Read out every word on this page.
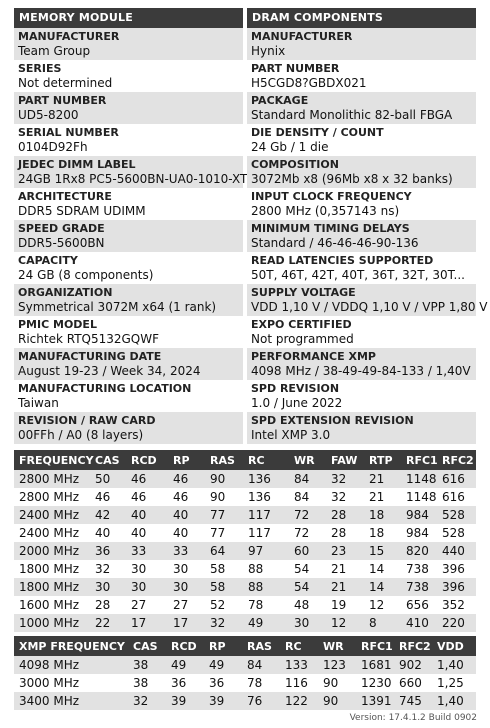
MEMORY MODULE
MANUFACTURER
Team Group
SERIES
Not determined
PART NUMBER
UD5-8200
SERIAL NUMBER
0104D92Fh
JEDEC DIMM LABEL
24GB 1Rx8 PC5-5600BN-UA0-1010-XT
ARCHITECTURE
DDR5 SDRAM UDIMM
SPEED GRADE
DDR5-5600BN
CAPACITY
24 GB (8 components)
ORGANIZATION
Symmetrical 3072M x64 (1 rank)
PMIC MODEL
Richtek RTQ5132GQWF
MANUFACTURING DATE
August 19-23 / Week 34, 2024
MANUFACTURING LOCATION
Taiwan
REVISION / RAW CARD
00FFh / A0 (8 layers)
DRAM COMPONENTS
MANUFACTURER
Hynix
PART NUMBER
H5CGD8?GBDX021
PACKAGE
Standard Monolithic 82-ball FBGA
DIE DENSITY / COUNT
24 Gb / 1 die
COMPOSITION
3072Mb x8 (96Mb x8 x 32 banks)
INPUT CLOCK FREQUENCY
2800 MHz (0,357143 ns)
MINIMUM TIMING DELAYS
Standard / 46-46-46-90-136
READ LATENCIES SUPPORTED
50T, 46T, 42T, 40T, 36T, 32T, 30T...
SUPPLY VOLTAGE
VDD 1,10 V / VDDQ 1,10 V / VPP 1,80 V
EXPO CERTIFIED
Not programmed
PERFORMANCE XMP
4098 MHz / 38-49-49-84-133 / 1,40V
SPD REVISION
1.0 / June 2022
SPD EXTENSION REVISION
Intel XMP 3.0
FREQUENCY	CAS	RCD	RP	RAS	RC	WR	FAW	RTP	RFC1	RFC2
2800 MHz	50	46	46	90	136	84	32	21	1148	616
2800 MHz	46	46	46	90	136	84	32	21	1148	616
2400 MHz	42	40	40	77	117	72	28	18	984	528
2400 MHz	40	40	40	77	117	72	28	18	984	528
2000 MHz	36	33	33	64	97	60	23	15	820	440
1800 MHz	32	30	30	58	88	54	21	14	738	396
1800 MHz	30	30	30	58	88	54	21	14	738	396
1600 MHz	28	27	27	52	78	48	19	12	656	352
1000 MHz	22	17	17	32	49	30	12	8	410	220
XMP FREQUENCY	CAS	RCD	RP	RAS	RC	WR	RFC1	RFC2	VDD
4098 MHz	38	49	49	84	133	123	1681	902	1,40
3000 MHz	38	36	36	78	116	90	1230	660	1,25
3400 MHz	32	39	39	76	122	90	1391	745	1,40
Version: 17.4.1.2 Build 0902
